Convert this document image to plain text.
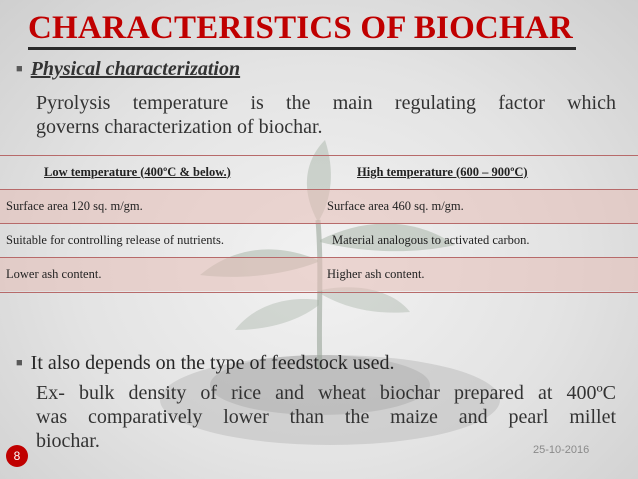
CHARACTERISTICS OF BIOCHAR
■ Physical characterization

Pyrolysis temperature is the main regulating factor which

governs characterization of biochar.

Low temperature (400ºC & below.)	High temperature (600 – 900ºC)
Surface area 120 sq. m/gm.	Surface area 460 sq. m/gm.
Suitable for controlling release of nutrients.	Material analogous to activated carbon.
Lower ash content.	Higher ash content.
■ It also depends on the type of feedstock used.

Ex- bulk density of rice and wheat biochar prepared at 400ºC

was comparatively lower than the maize and pearl millet

biochar.

8	25-10-2016
